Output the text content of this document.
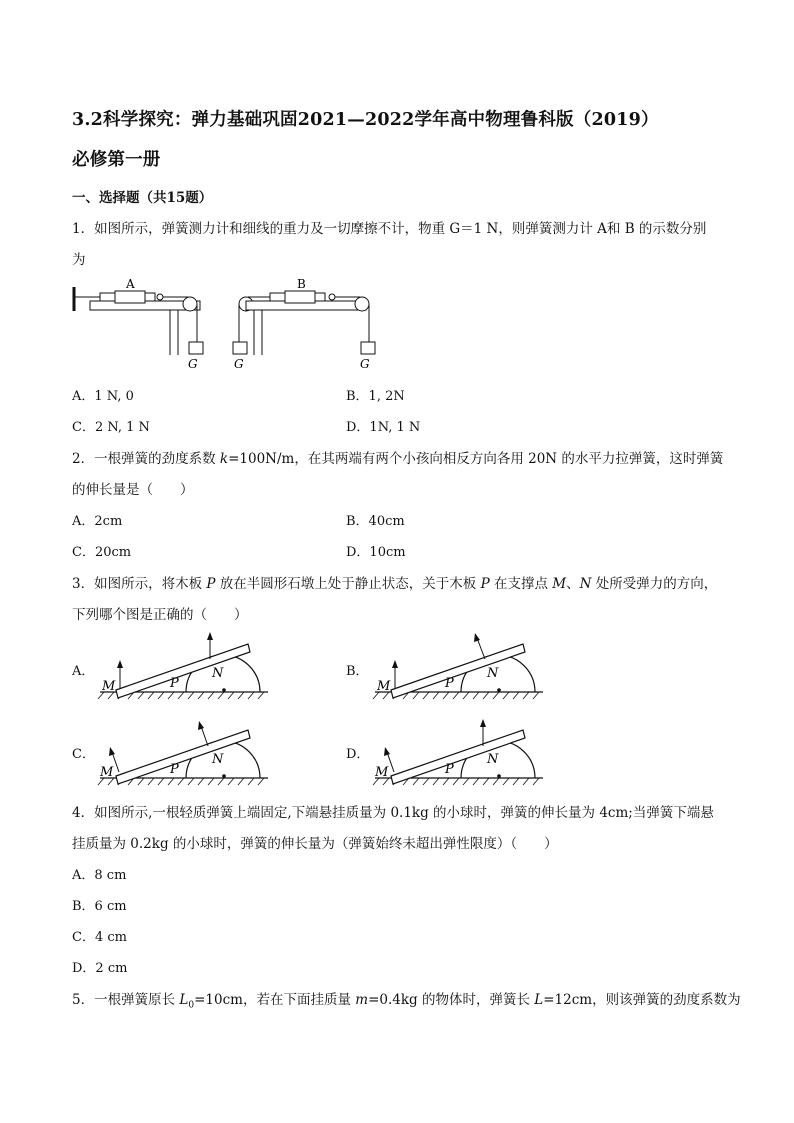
3.2科学探究：弹力基础巩固2021—2022学年高中物理鲁科版（2019）
必修第一册
一、选择题（共15题）
1．如图所示，弹簧测力计和细线的重力及一切摩擦不计，物重 G＝1 N，则弹簧测力计 A和 B 的示数分别
为
A
G	G
B
G
A．1 N, 0	B．1, 2N
C．2 N, 1 N	D．1N, 1 N
2．一根弹簧的劲度系数 k=100N/m，在其两端有两个小孩向相反方向各用 20N 的水平力拉弹簧，这时弹簧
的伸长量是（　　）
A．2cm	B．40cm
C．20cm	D．10cm
3．如图所示，将木板 P 放在半圆形石墩上处于静止状态，关于木板 P 在支撑点 M、N 处所受弹力的方向，
下列哪个图是正确的（　　）
A．	B．
C．	D．
M	P
N
M	P
N
M	P
N
M	P
N
4．如图所示,一根轻质弹簧上端固定,下端悬挂质量为 0.1kg 的小球时，弹簧的伸长量为 4cm;当弹簧下端悬
挂质量为 0.2kg 的小球时，弹簧的伸长量为（弹簧始终未超出弹性限度）（　　）
A．8 cm
B．6 cm
C．4 cm
D．2 cm
5．一根弹簧原长 $L_0=10cm$，若在下面挂质量 m=0.4kg 的物体时，弹簧长 L=12cm，则该弹簧的劲度系数为
